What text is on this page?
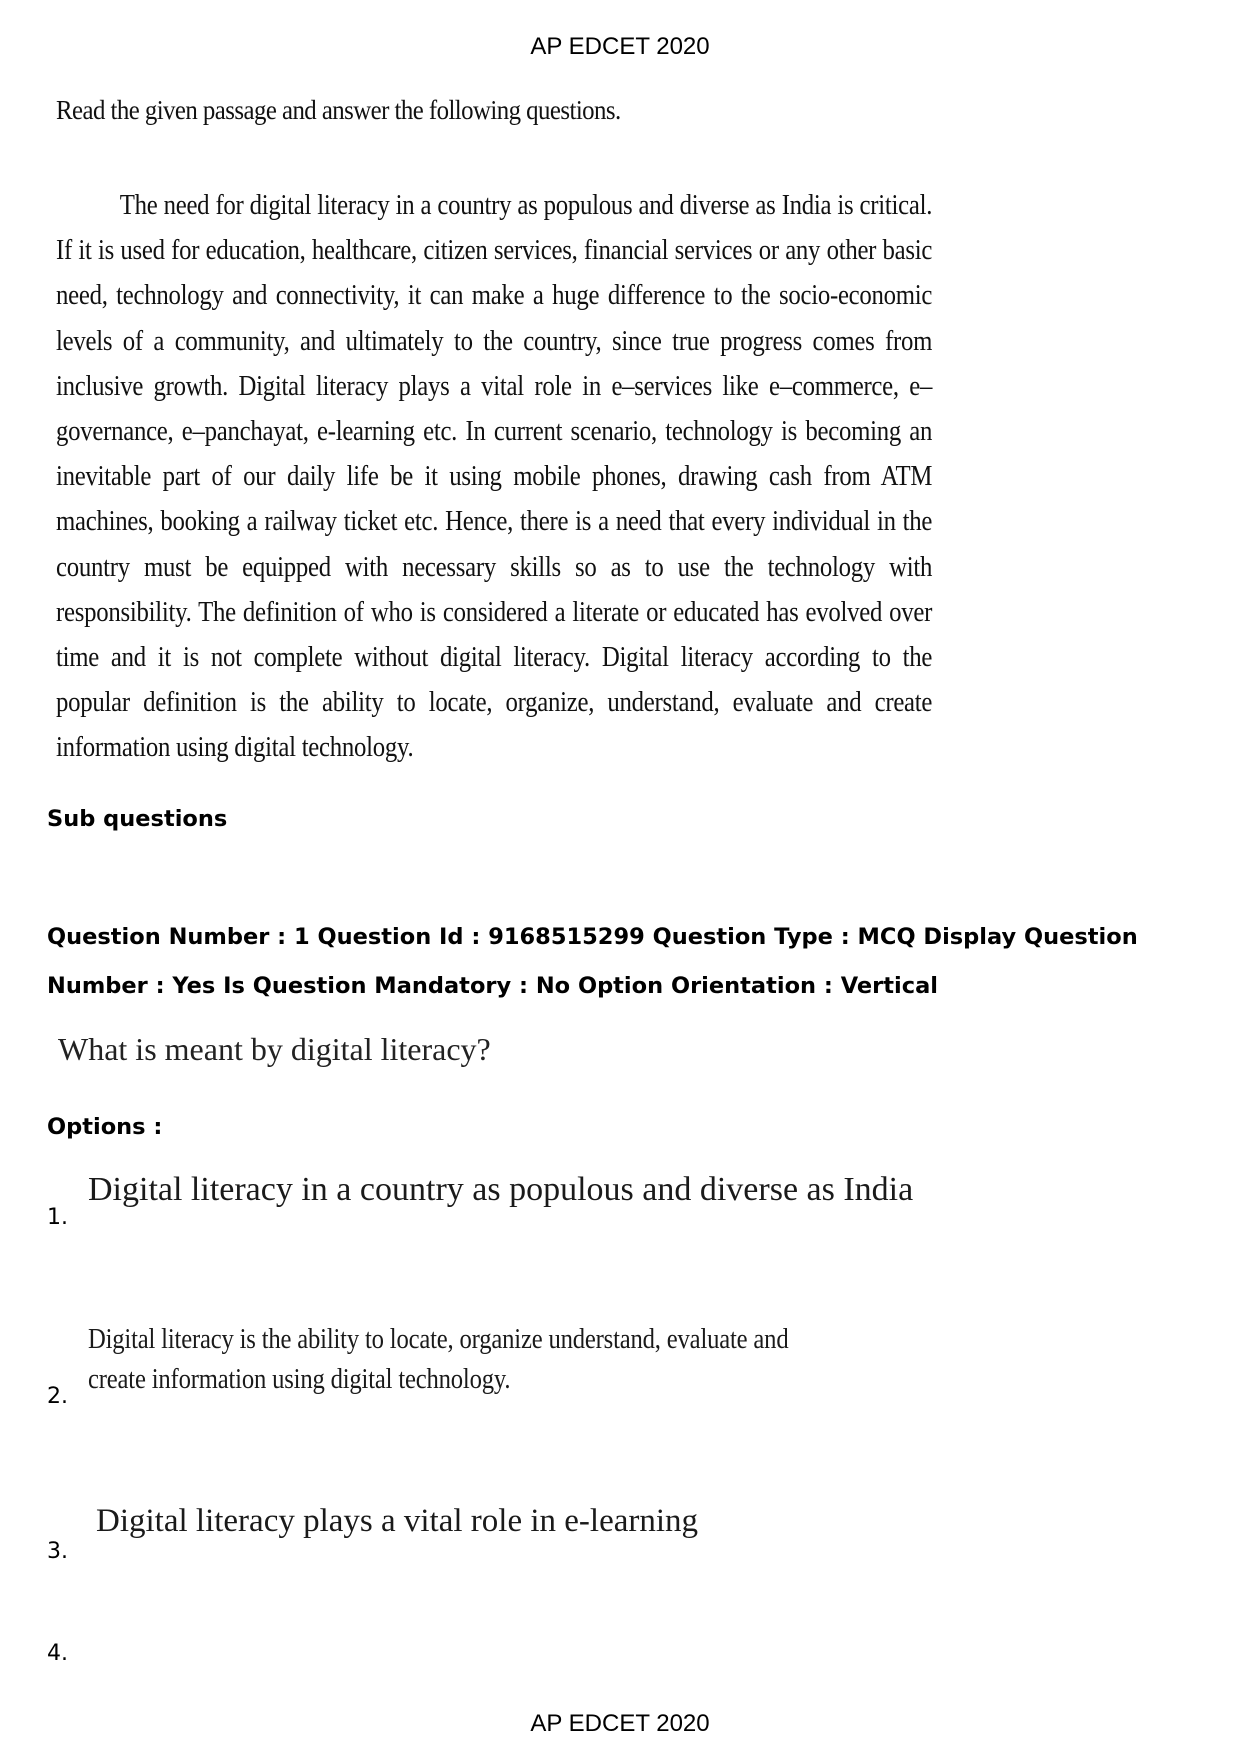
AP EDCET 2020
Read the given passage and answer the following questions.
The need for digital literacy in a country as populous and diverse as India is critical. If it is used for education, healthcare, citizen services, financial services or any other basic need, technology and connectivity, it can make a huge difference to the socio-economic levels of a community, and ultimately to the country, since true progress comes from inclusive growth. Digital literacy plays a vital role in e–services like e–commerce, e–governance, e–panchayat, e-learning etc. In current scenario, technology is becoming an inevitable part of our daily life be it using mobile phones, drawing cash from ATM machines, booking a railway ticket etc. Hence, there is a need that every individual in the country must be equipped with necessary skills so as to use the technology with responsibility. The definition of who is considered a literate or educated has evolved over time and it is not complete without digital literacy. Digital literacy according to the popular definition is the ability to locate, organize, understand, evaluate and create information using digital technology.
Sub questions
Question Number : 1 Question Id : 9168515299 Question Type : MCQ Display Question Number : Yes Is Question Mandatory : No Option Orientation : Vertical
What is meant by digital literacy?
Options :
Digital literacy in a country as populous and diverse as India
1.
Digital literacy is the ability to locate, organize understand, evaluate and create information using digital technology.
2.
Digital literacy plays a vital role in e-learning
3.
4.
AP EDCET 2020
